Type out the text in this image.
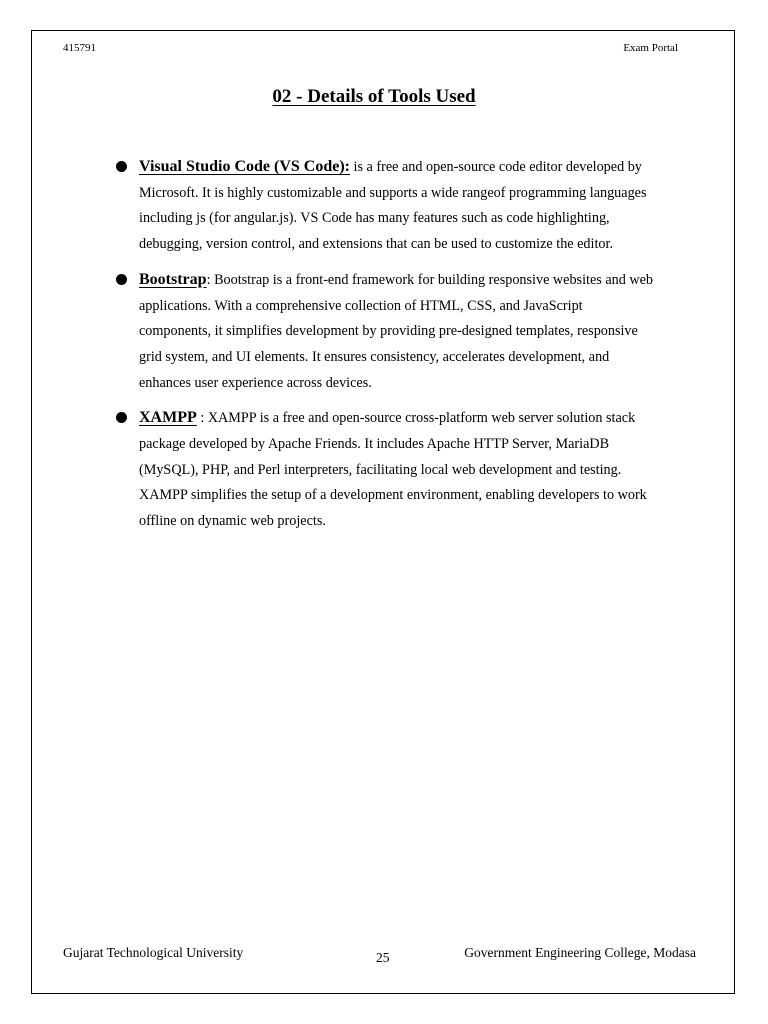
415791	Exam Portal
02 - Details of Tools Used
Visual Studio Code (VS Code): is a free and open-source code editor developed by Microsoft. It is highly customizable and supports a wide rangeof programming languages including js (for angular.js). VS Code has many features such as code highlighting, debugging, version control, and extensions that can be used to customize the editor.
Bootstrap: Bootstrap is a front-end framework for building responsive websites and web applications. With a comprehensive collection of HTML, CSS, and JavaScript components, it simplifies development by providing pre-designed templates, responsive grid system, and UI elements. It ensures consistency, accelerates development, and enhances user experience across devices.
XAMPP : XAMPP is a free and open-source cross-platform web server solution stack package developed by Apache Friends. It includes Apache HTTP Server, MariaDB (MySQL), PHP, and Perl interpreters, facilitating local web development and testing. XAMPP simplifies the setup of a development environment, enabling developers to work offline on dynamic web projects.
Gujarat Technological University	25	Government Engineering College, Modasa
